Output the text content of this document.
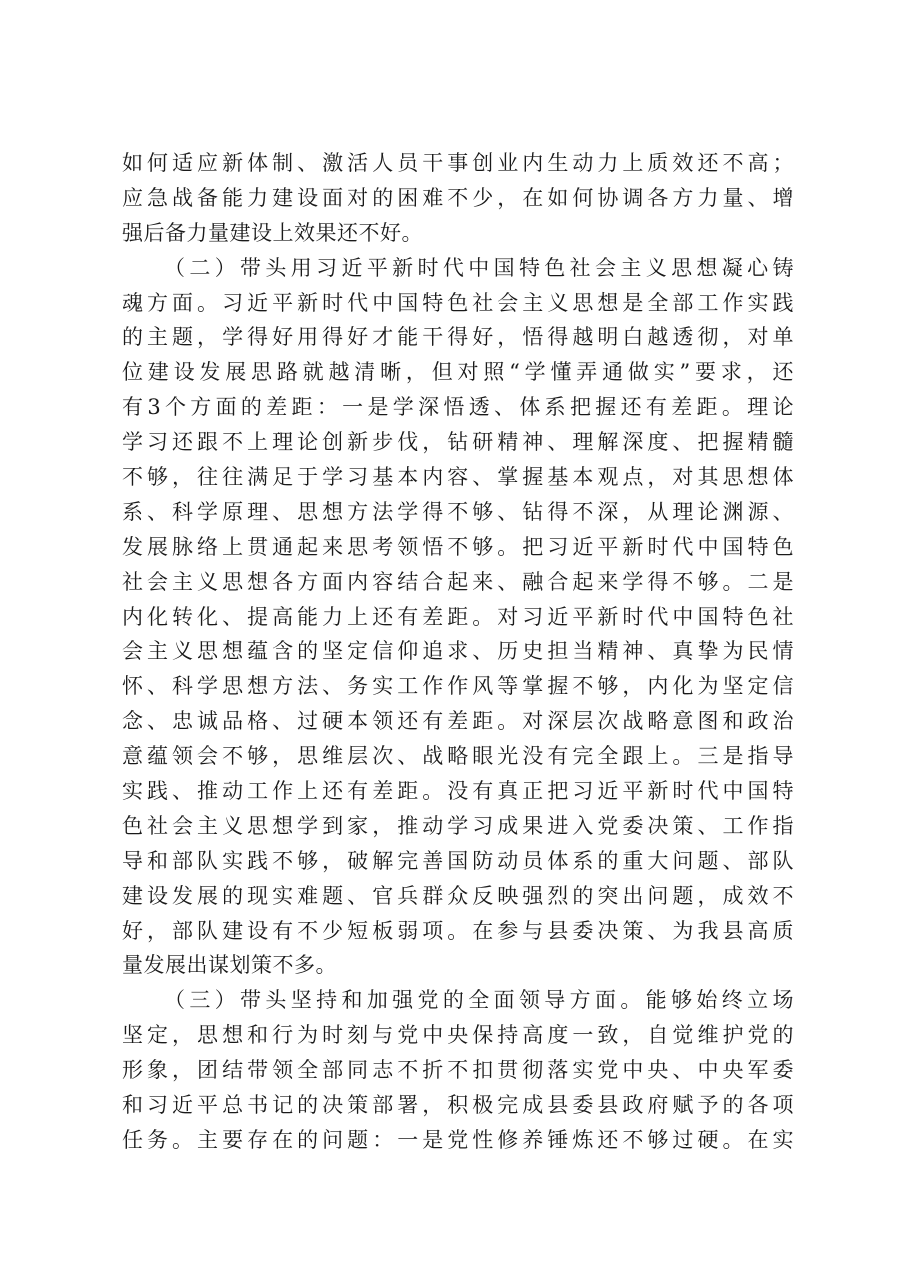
如何适应新体制、激活人员干事创业内生动力上质效还不高；
应急战备能力建设面对的困难不少，在如何协调各方力量、增
强后备力量建设上效果还不好。
（二）带头用习近平新时代中国特色社会主义思想凝心铸
魂方面。习近平新时代中国特色社会主义思想是全部工作实践
的主题，学得好用得好才能干得好，悟得越明白越透彻，对单
位建设发展思路就越清晰，但对照“学懂弄通做实”要求，还
有3个方面的差距：一是学深悟透、体系把握还有差距。理论
学习还跟不上理论创新步伐，钻研精神、理解深度、把握精髓
不够，往往满足于学习基本内容、掌握基本观点，对其思想体
系、科学原理、思想方法学得不够、钻得不深，从理论渊源、
发展脉络上贯通起来思考领悟不够。把习近平新时代中国特色
社会主义思想各方面内容结合起来、融合起来学得不够。二是
内化转化、提高能力上还有差距。对习近平新时代中国特色社
会主义思想蕴含的坚定信仰追求、历史担当精神、真挚为民情
怀、科学思想方法、务实工作作风等掌握不够，内化为坚定信
念、忠诚品格、过硬本领还有差距。对深层次战略意图和政治
意蕴领会不够，思维层次、战略眼光没有完全跟上。三是指导
实践、推动工作上还有差距。没有真正把习近平新时代中国特
色社会主义思想学到家，推动学习成果进入党委决策、工作指
导和部队实践不够，破解完善国防动员体系的重大问题、部队
建设发展的现实难题、官兵群众反映强烈的突出问题，成效不
好，部队建设有不少短板弱项。在参与县委决策、为我县高质
量发展出谋划策不多。
（三）带头坚持和加强党的全面领导方面。能够始终立场
坚定，思想和行为时刻与党中央保持高度一致，自觉维护党的
形象，团结带领全部同志不折不扣贯彻落实党中央、中央军委
和习近平总书记的决策部署，积极完成县委县政府赋予的各项
任务。主要存在的问题：一是党性修养锤炼还不够过硬。在实
